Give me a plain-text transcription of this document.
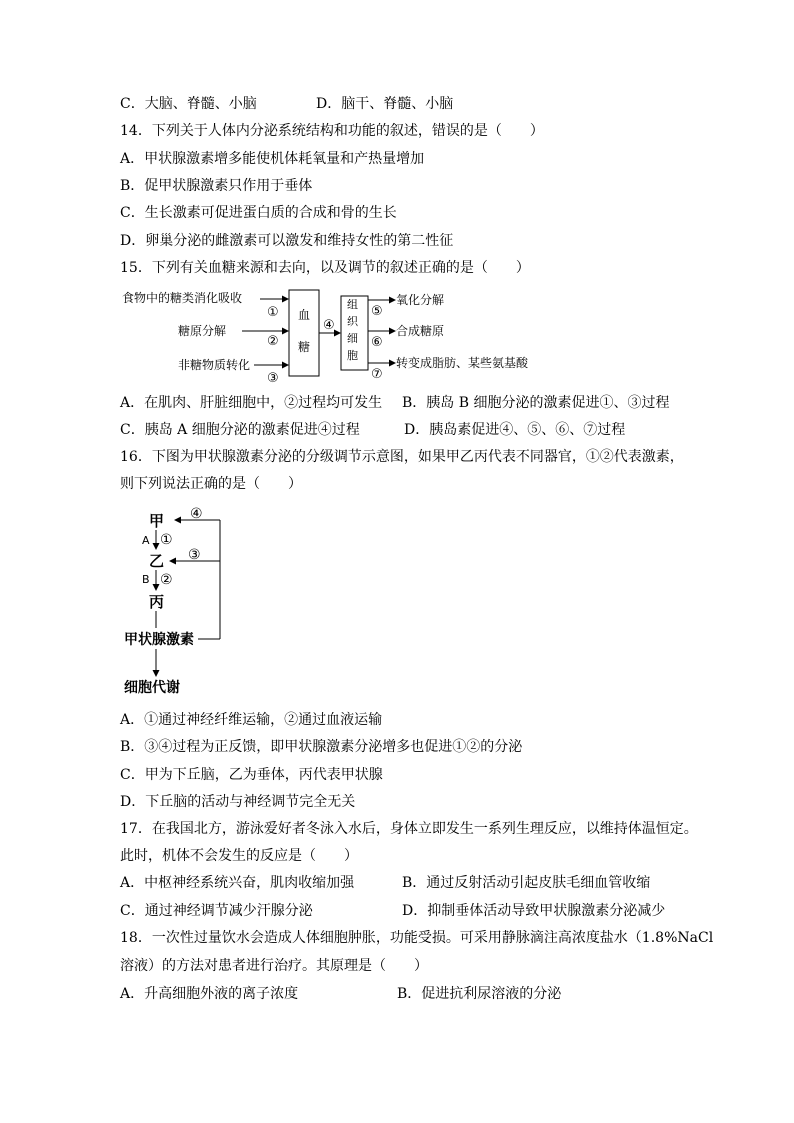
C．大脑、脊髓、小脑	D．脑干、脊髓、小脑
14．下列关于人体内分泌系统结构和功能的叙述，错误的是（　　）
A．甲状腺激素增多能使机体耗氧量和产热量增加
B．促甲状腺激素只作用于垂体
C．生长激素可促进蛋白质的合成和骨的生长
D．卵巢分泌的雌激素可以激发和维持女性的第二性征
15．下列有关血糖来源和去向，以及调节的叙述正确的是（　　）
食物中的糖类消化吸收
糖原分解
非糖物质转化
①
②
③
④
⑤
⑥
⑦
血
糖
组
织
细
胞
氧化分解
合成糖原
转变成脂肪、某些氨基酸
A．在肌肉、肝脏细胞中，②过程均可发生 B．胰岛 B 细胞分泌的激素促进①、③过程
C．胰岛 A 细胞分泌的激素促进④过程	D．胰岛素促进④、⑤、⑥、⑦过程
16．下图为甲状腺激素分泌的分级调节示意图，如果甲乙丙代表不同器官，①②代表激素，
则下列说法正确的是（　　）
甲
乙
丙
A
B
①
②
③
④
甲状腺激素
细胞代谢
A．①通过神经纤维运输，②通过血液运输
B．③④过程为正反馈，即甲状腺激素分泌增多也促进①②的分泌
C．甲为下丘脑，乙为垂体，丙代表甲状腺
D．下丘脑的活动与神经调节完全无关
17．在我国北方，游泳爱好者冬泳入水后，身体立即发生一系列生理反应，以维持体温恒定。
此时，机体不会发生的反应是（　　）
A．中枢神经系统兴奋，肌肉收缩加强	B．通过反射活动引起皮肤毛细血管收缩
C．通过神经调节减少汗腺分泌	D．抑制垂体活动导致甲状腺激素分泌减少
18．一次性过量饮水会造成人体细胞肿胀，功能受损。可采用静脉滴注高浓度盐水（1.8%NaCl
溶液）的方法对患者进行治疗。其原理是（　　）
A．升高细胞外液的离子浓度	B．促进抗利尿溶液的分泌
